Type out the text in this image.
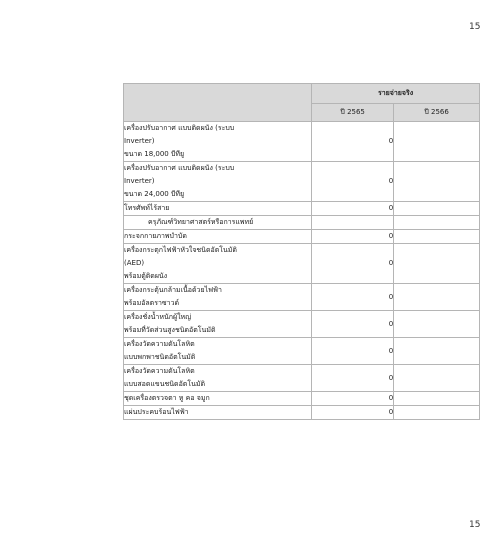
15
	รายจ่ายจริง	
	ปี 2565	ปี 2566

เครื่องปรับอากาศ แบบติดผนัง (ระบบ
Inverter)
ขนาด 18,000 บีทียู	0	

เครื่องปรับอากาศ แบบติดผนัง (ระบบ
Inverter)
ขนาด 24,000 บีทียู	0	

โทรศัพท์ไร้สาย	0	

ครุภัณฑ์วิทยาศาสตร์หรือการแพทย์		

กระจกกายภาพบำบัด	0	

เครื่องกระตุกไฟฟ้าหัวใจชนิดอัตโนมัติ
(AED)
พร้อมตู้ติดผนัง	0	

เครื่องกระตุ้นกล้ามเนื้อด้วยไฟฟ้า
พร้อมอัลตราซาวด์	0	

เครื่องชั่งน้ำหนักผู้ใหญ่
พร้อมที่วัดส่วนสูงชนิดอัตโนมัติ	0	

เครื่องวัดความดันโลหิต
แบบพกพาชนิดอัตโนมัติ	0	

เครื่องวัดความดันโลหิต
แบบสอดแขนชนิดอัตโนมัติ	0	

ชุดเครื่องตรวจตา หู คอ จมูก	0	

แผ่นประคบร้อนไฟฟ้า	0	
15
